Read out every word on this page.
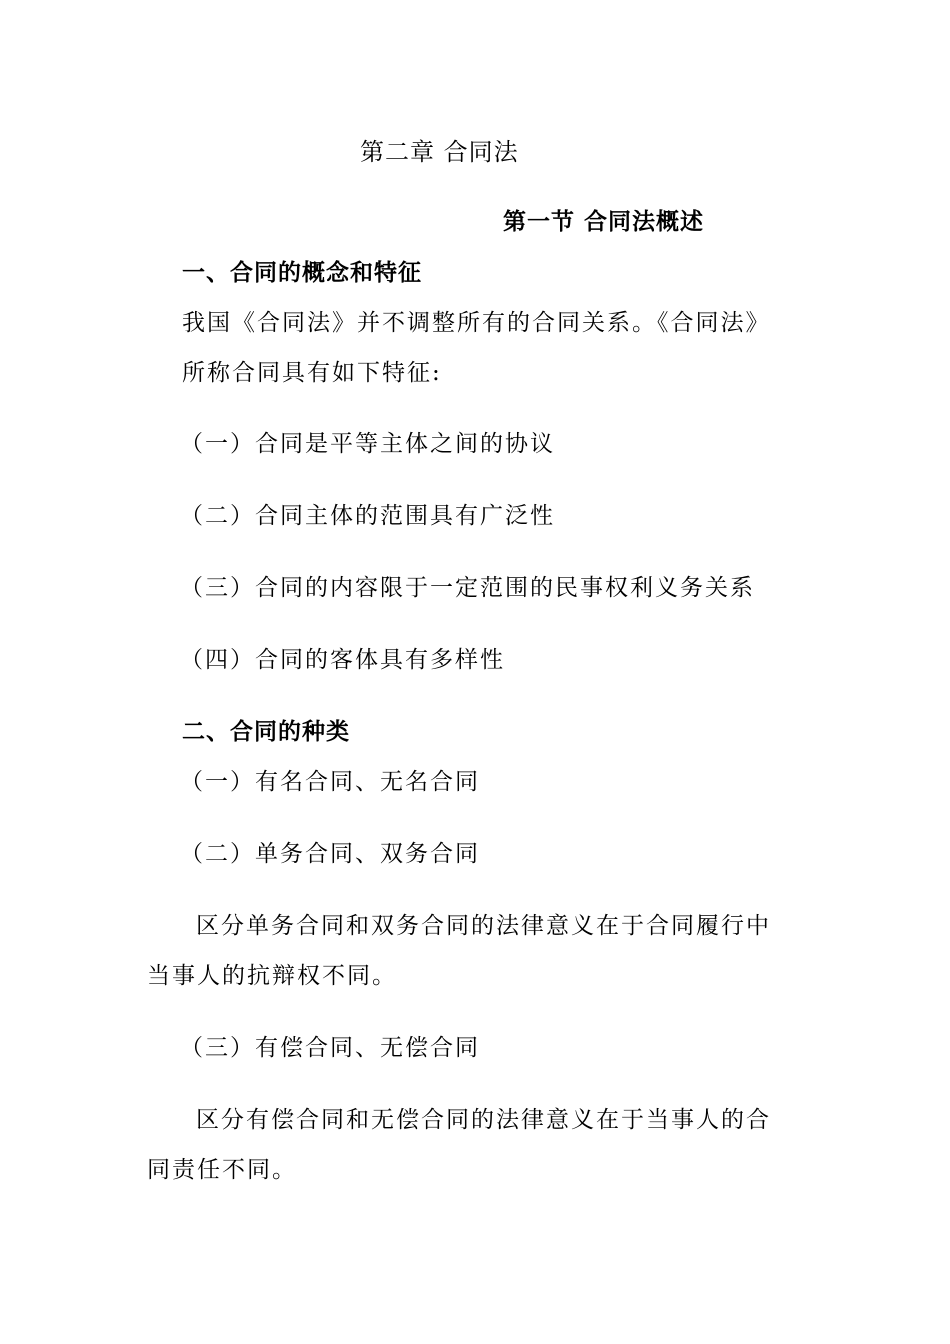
第二章 合同法
第一节 合同法概述
一、合同的概念和特征
我国《合同法》并不调整所有的合同关系。《合同法》
所称合同具有如下特征:
（一）合同是平等主体之间的协议
（二）合同主体的范围具有广泛性
（三）合同的内容限于一定范围的民事权利义务关系
（四）合同的客体具有多样性
二、合同的种类
（一）有名合同、无名合同
（二）单务合同、双务合同
区分单务合同和双务合同的法律意义在于合同履行中
当事人的抗辩权不同。
（三）有偿合同、无偿合同
区分有偿合同和无偿合同的法律意义在于当事人的合
同责任不同。
